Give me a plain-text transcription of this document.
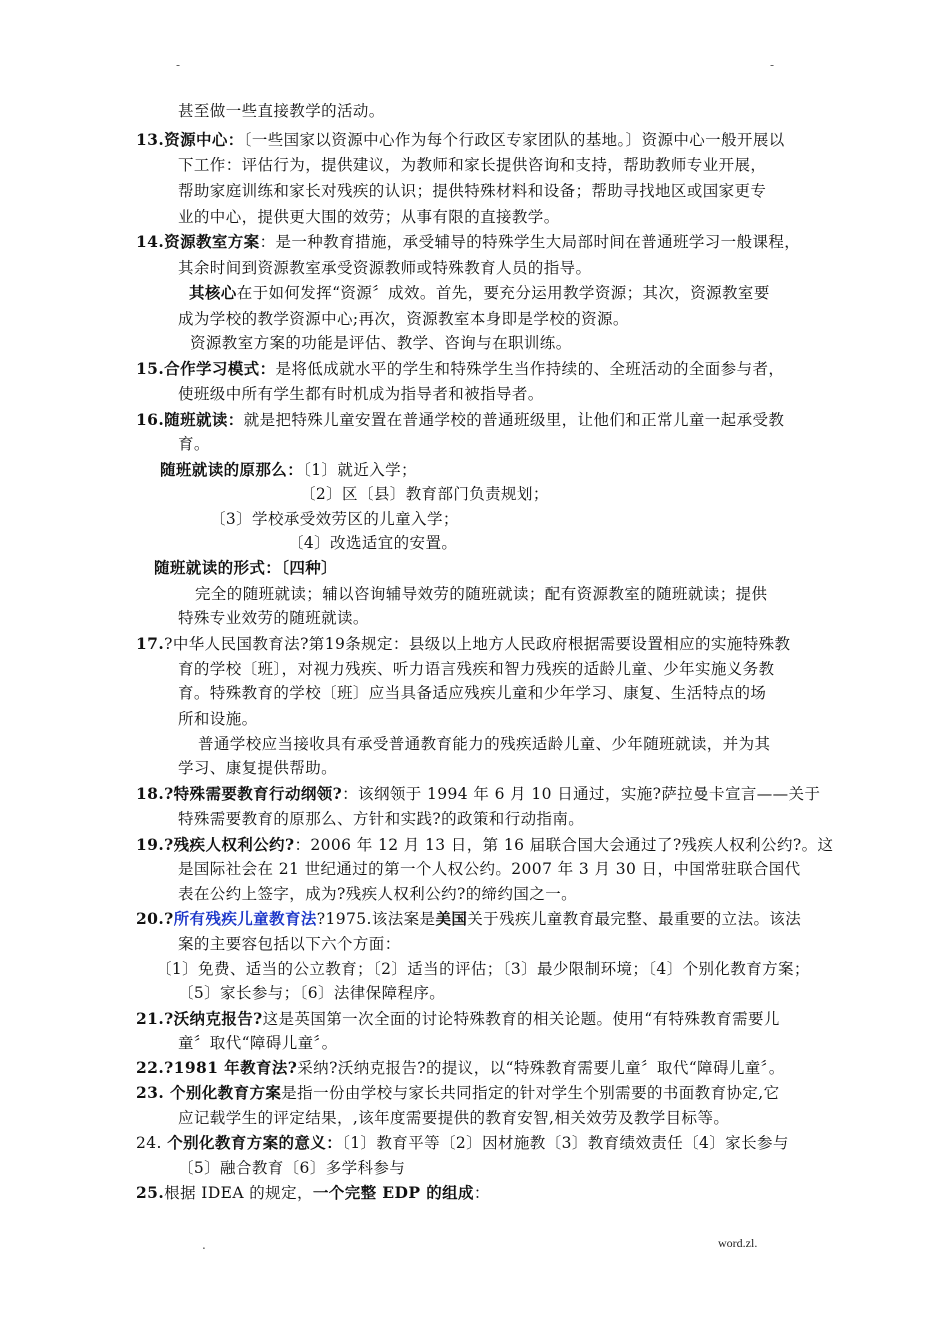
-	-
甚至做一些直接教学的活动。
13.资源中心：〔一些国家以资源中心作为每个行政区专家团队的基地。〕资源中心一般开展以
下工作：评估行为，提供建议，为教师和家长提供咨询和支持，帮助教师专业开展，
帮助家庭训练和家长对残疾的认识；提供特殊材料和设备；帮助寻找地区或国家更专
业的中心，提供更大围的效劳；从事有限的直接教学。
14.资源教室方案：是一种教育措施，承受辅导的特殊学生大局部时间在普通班学习一般课程，
其余时间到资源教室承受资源教师或特殊教育人员的指导。
其核心在于如何发挥“资源〞成效。首先，要充分运用教学资源；其次，资源教室要
成为学校的教学资源中心;再次，资源教室本身即是学校的资源。
资源教室方案的功能是评估、教学、咨询与在职训练。
15.合作学习模式：是将低成就水平的学生和特殊学生当作持续的、全班活动的全面参与者，
使班级中所有学生都有时机成为指导者和被指导者。
16.随班就读：就是把特殊儿童安置在普通学校的普通班级里，让他们和正常儿童一起承受教
育。
随班就读的原那么：〔1〕就近入学；
〔2〕区〔县〕教育部门负责规划；
〔3〕学校承受效劳区的儿童入学；
〔4〕改选适宜的安置。
随班就读的形式：〔四种〕
完全的随班就读；辅以咨询辅导效劳的随班就读；配有资源教室的随班就读；提供
特殊专业效劳的随班就读。
17.?中华人民国教育法?第19条规定：县级以上地方人民政府根据需要设置相应的实施特殊教
育的学校〔班〕，对视力残疾、听力语言残疾和智力残疾的适龄儿童、少年实施义务教
育。特殊教育的学校〔班〕应当具备适应残疾儿童和少年学习、康复、生活特点的场
所和设施。
普通学校应当接收具有承受普通教育能力的残疾适龄儿童、少年随班就读，并为其
学习、康复提供帮助。
18.?特殊需要教育行动纲领?：该纲领于 1994 年 6 月 10 日通过，实施?萨拉曼卡宣言——关于
特殊需要教育的原那么、方针和实践?的政策和行动指南。
19.?残疾人权利公约?：2006 年 12 月 13 日，第 16 届联合国大会通过了?残疾人权利公约?。这
是国际社会在 21 世纪通过的第一个人权公约。2007 年 3 月 30 日，中国常驻联合国代
表在公约上签字，成为?残疾人权利公约?的缔约国之一。
20.?所有残疾儿童教育法?1975.该法案是美国关于残疾儿童教育最完整、最重要的立法。该法
案的主要容包括以下六个方面：
〔1〕免费、适当的公立教育；〔2〕适当的评估；〔3〕最少限制环境；〔4〕个别化教育方案；
〔5〕家长参与；〔6〕法律保障程序。
21.?沃纳克报告?这是英国第一次全面的讨论特殊教育的相关论题。使用“有特殊教育需要儿
童〞取代“障碍儿童〞。
22.?1981 年教育法?采纳?沃纳克报告?的提议，以“特殊教育需要儿童〞取代“障碍儿童〞。
23. 个别化教育方案是指一份由学校与家长共同指定的针对学生个别需要的书面教育协定,它
应记载学生的评定结果，,该年度需要提供的教育安智,相关效劳及教学目标等。
24. 个别化教育方案的意义：〔1〕教育平等〔2〕因材施教〔3〕教育绩效责任〔4〕家长参与
〔5〕融合教育〔6〕多学科参与
25.根据 IDEA 的规定，一个完整 EDP 的组成：
.	word.zl.
